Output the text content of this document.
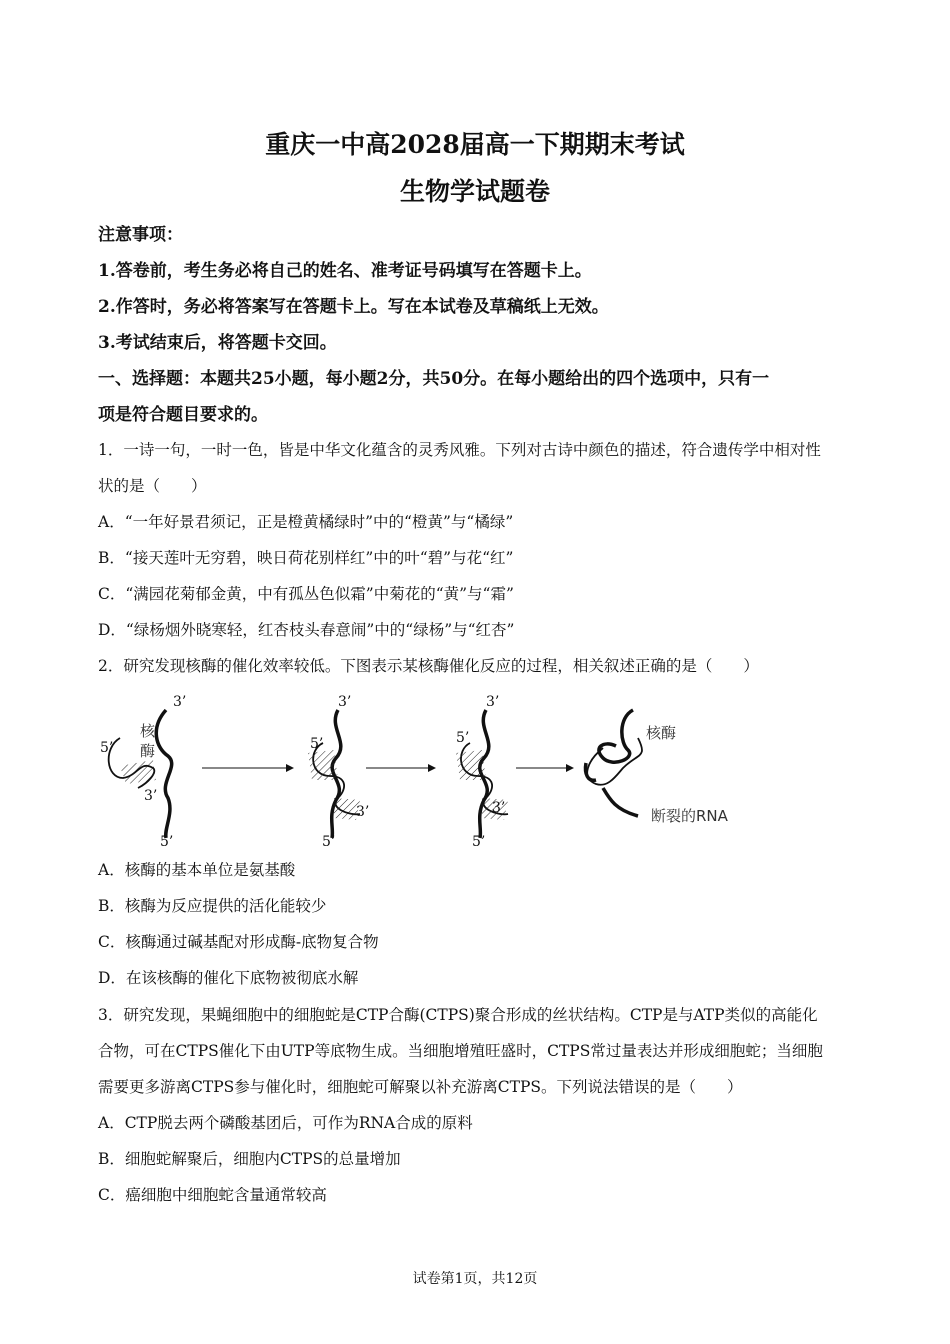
重庆一中高2028届高一下期期末考试
生物学试题卷
注意事项：
1.答卷前，考生务必将自己的姓名、准考证号码填写在答题卡上。
2.作答时，务必将答案写在答题卡上。写在本试卷及草稿纸上无效。
3.考试结束后，将答题卡交回。
一、选择题：本题共25小题，每小题2分，共50分。在每小题给出的四个选项中，只有一
项是符合题目要求的。
1．一诗一句，一时一色，皆是中华文化蕴含的灵秀风雅。下列对古诗中颜色的描述，符合遗传学中相对性
状的是（　　）
A．“一年好景君须记，正是橙黄橘绿时”中的“橙黄”与“橘绿”
B．“接天莲叶无穷碧，映日荷花别样红”中的叶“碧”与花“红”
C．“满园花菊郁金黄，中有孤丛色似霜”中菊花的“黄”与“霜”
D．“绿杨烟外晓寒轻，红杏枝头春意闹”中的“绿杨”与“红杏”
2．研究发现核酶的催化效率较低。下图表示某核酶催化反应的过程，相关叙述正确的是（　　）
3’
5’
3’
5’
核
酶
3’
5’
3’
5’
3’
5’
3’
5’
核酶
断裂的RNA
A．核酶的基本单位是氨基酸
B．核酶为反应提供的活化能较少
C．核酶通过碱基配对形成酶-底物复合物
D．在该核酶的催化下底物被彻底水解
3．研究发现，果蝇细胞中的细胞蛇是CTP合酶(CTPS)聚合形成的丝状结构。CTP是与ATP类似的高能化
合物，可在CTPS催化下由UTP等底物生成。当细胞增殖旺盛时，CTPS常过量表达并形成细胞蛇；当细胞
需要更多游离CTPS参与催化时，细胞蛇可解聚以补充游离CTPS。下列说法错误的是（　　）
A．CTP脱去两个磷酸基团后，可作为RNA合成的原料
B．细胞蛇解聚后，细胞内CTPS的总量增加
C．癌细胞中细胞蛇含量通常较高
试卷第1页，共12页
